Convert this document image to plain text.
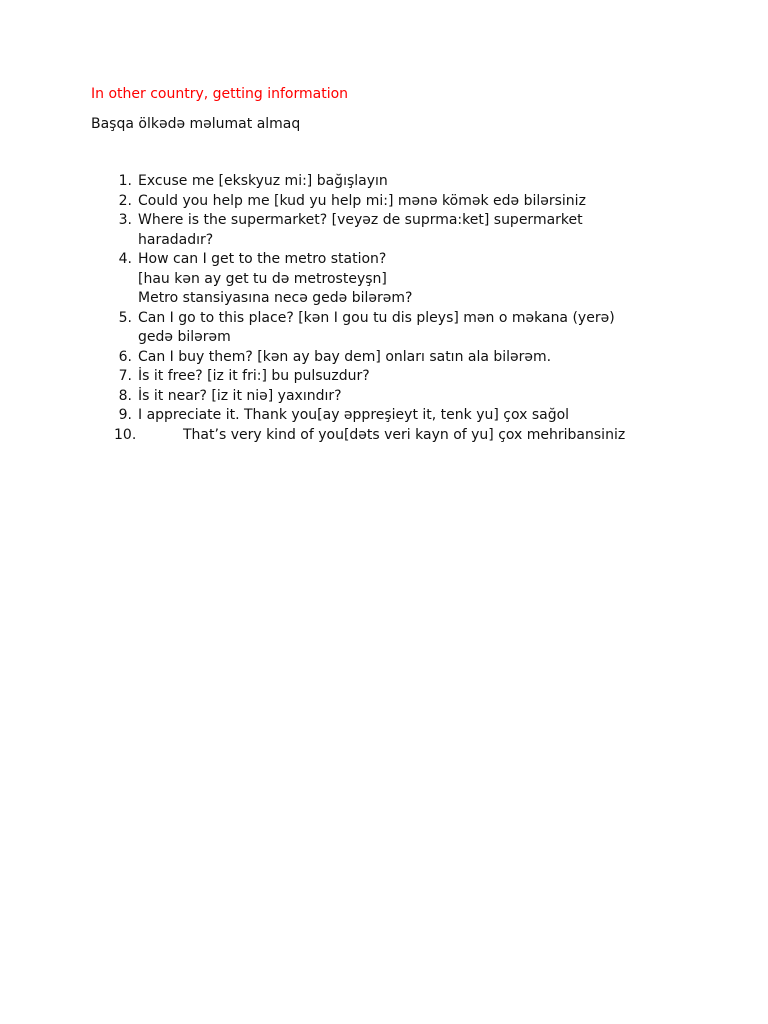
In other country, getting information
Başqa ölkədə məlumat almaq
1. Excuse me [ekskyuz mi:] bağışlayın
2. Could you help me [kud yu help mi:] mənə kömək edə bilərsiniz
3. Where is the supermarket? [veyəz de suprma:ket] supermarket
haradadır?
4. How can I get to the metro station?
[hau kən ay get tu də metrosteyşn]
Metro stansiyasına necə gedə bilərəm?
5. Can I go to this place? [kən I gou tu dis pleys] mən o məkana (yerə)
gedə bilərəm
6. Can I buy them? [kən ay bay dem] onları satın ala bilərəm.
7. İs it free? [iz it fri:] bu pulsuzdur?
8. İs it near? [iz it niə] yaxındır?
9. I appreciate it. Thank you[ay əppreşieyt it, tenk yu] çox sağol
10.	That’s very kind of you[dəts veri kayn of yu] çox mehribansiniz
